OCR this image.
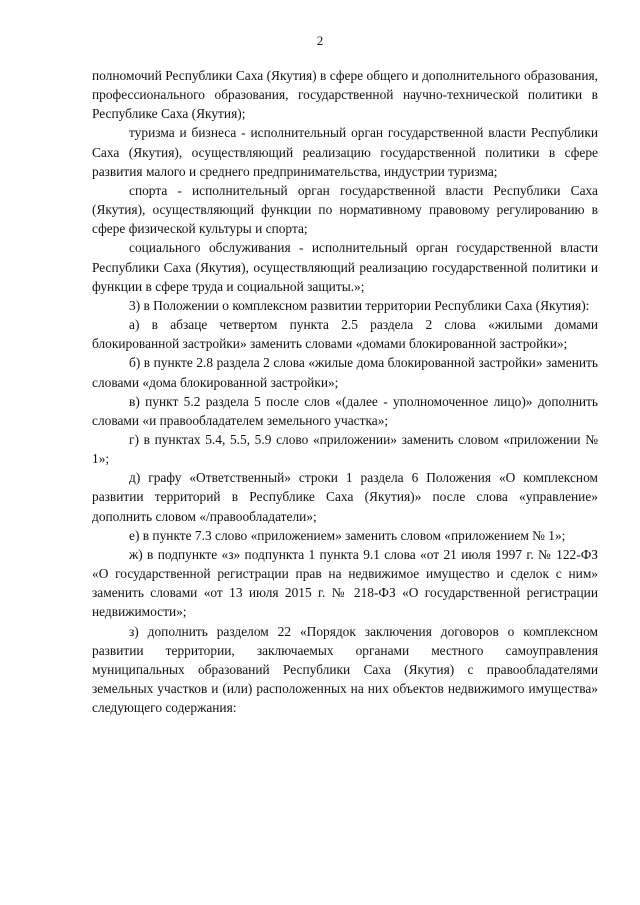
2

полномочий Республики Саха (Якутия) в сфере общего и дополнительного образования, профессионального образования, государственной научно-технической политики в Республике Саха (Якутия);

туризма и бизнеса - исполнительный орган государственной власти Республики Саха (Якутия), осуществляющий реализацию государственной политики в сфере развития малого и среднего предпринимательства, индустрии туризма;

спорта - исполнительный орган государственной власти Республики Саха (Якутия), осуществляющий функции по нормативному правовому регулированию в сфере физической культуры и спорта;

социального обслуживания - исполнительный орган государственной власти Республики Саха (Якутия), осуществляющий реализацию государственной политики и функции в сфере труда и социальной защиты.»;

3) в Положении о комплексном развитии территории Республики Саха (Якутия):

а) в абзаце четвертом пункта 2.5 раздела 2 слова «жилыми домами блокированной застройки» заменить словами «домами блокированной застройки»;

б) в пункте 2.8 раздела 2 слова «жилые дома блокированной застройки» заменить словами «дома блокированной застройки»;

в) пункт 5.2 раздела 5 после слов «(далее - уполномоченное лицо)» дополнить словами «и правообладателем земельного участка»;

г) в пунктах 5.4, 5.5, 5.9 слово «приложении» заменить словом «приложении № 1»;

д) графу «Ответственный» строки 1 раздела 6 Положения «О комплексном развитии территорий в Республике Саха (Якутия)» после слова «управление» дополнить словом «/правообладатели»;

е) в пункте 7.3 слово «приложением» заменить словом «приложением № 1»;

ж) в подпункте «з» подпункта 1 пункта 9.1 слова «от 21 июля 1997 г. № 122-ФЗ «О государственной регистрации прав на недвижимое имущество и сделок с ним» заменить словами «от 13 июля 2015 г. № 218-ФЗ «О государственной регистрации недвижимости»;

з) дополнить разделом 22 «Порядок заключения договоров о комплексном развитии территории, заключаемых органами местного самоуправления муниципальных образований Республики Саха (Якутия) с правообладателями земельных участков и (или) расположенных на них объектов недвижимого имущества» следующего содержания:
